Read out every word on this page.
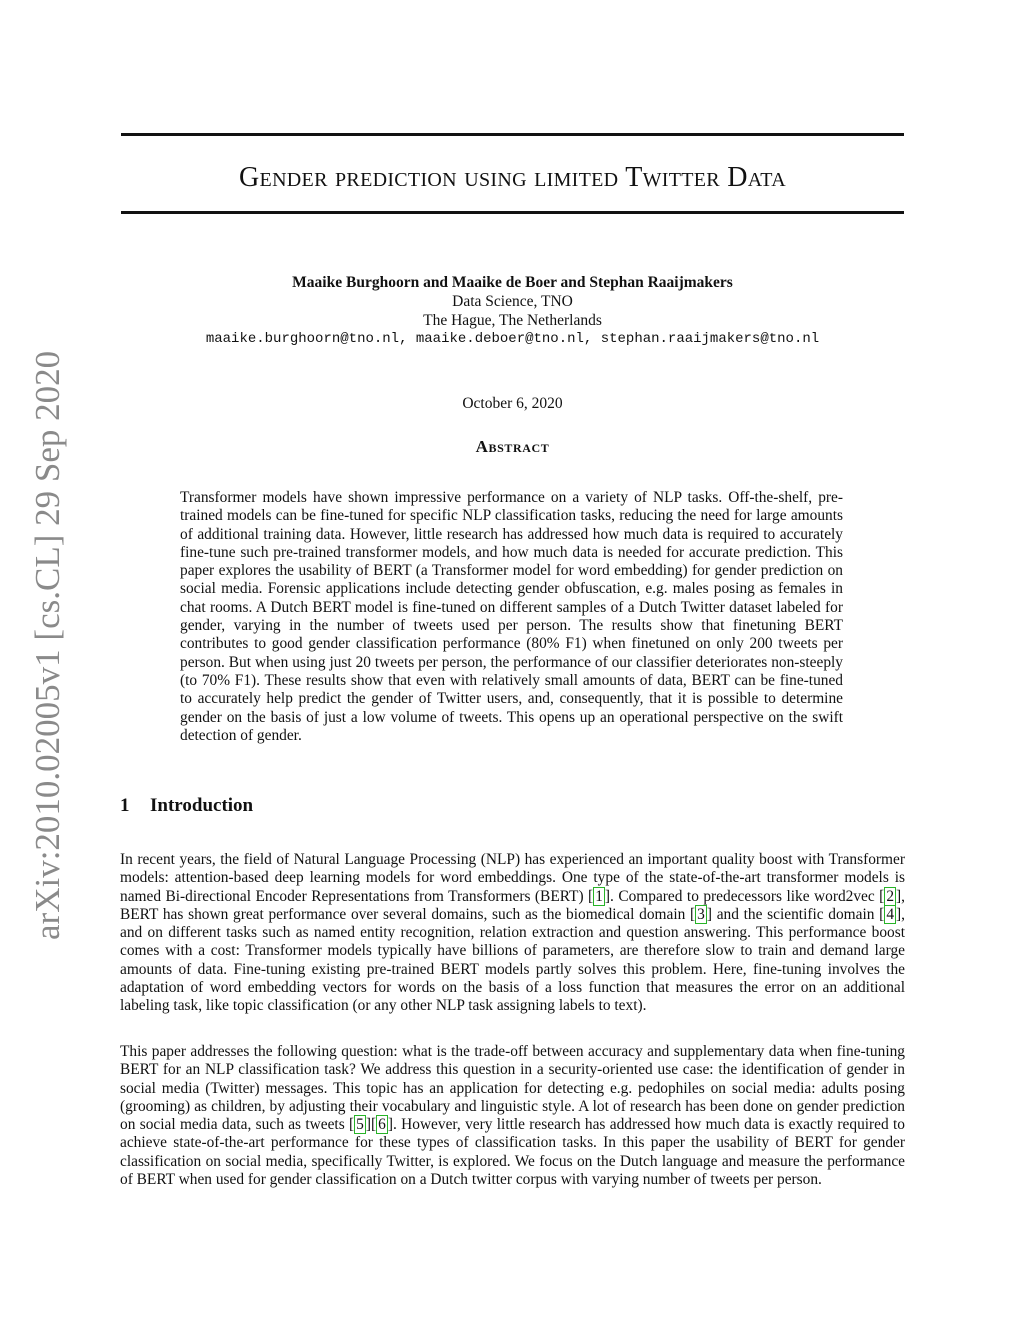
arXiv:2010.02005v1 [cs.CL] 29 Sep 2020
Gender prediction using limited Twitter Data
Maaike Burghoorn and Maaike de Boer and Stephan Raaijmakers
Data Science, TNO
The Hague, The Netherlands
maaike.burghoorn@tno.nl, maaike.deboer@tno.nl, stephan.raaijmakers@tno.nl
October 6, 2020
Abstract
Transformer models have shown impressive performance on a variety of NLP tasks. Off-the-shelf, pre-trained models can be fine-tuned for specific NLP classification tasks, reducing the need for large amounts of additional training data. However, little research has addressed how much data is required to accurately fine-tune such pre-trained transformer models, and how much data is needed for accurate prediction. This paper explores the usability of BERT (a Transformer model for word embedding) for gender prediction on social media. Forensic applications include detecting gender obfuscation, e.g. males posing as females in chat rooms. A Dutch BERT model is fine-tuned on different samples of a Dutch Twitter dataset labeled for gender, varying in the number of tweets used per person. The results show that finetuning BERT contributes to good gender classification performance (80% F1) when finetuned on only 200 tweets per person. But when using just 20 tweets per person, the performance of our classifier deteriorates non-steeply (to 70% F1). These results show that even with relatively small amounts of data, BERT can be fine-tuned to accurately help predict the gender of Twitter users, and, consequently, that it is possible to determine gender on the basis of just a low volume of tweets. This opens up an operational perspective on the swift detection of gender.
1 Introduction

In recent years, the field of Natural Language Processing (NLP) has experienced an important quality boost with Transformer models: attention-based deep learning models for word embeddings. One type of the state-of-the-art transformer models is named Bi-directional Encoder Representations from Transformers (BERT) [ 1 ]. Compared to predecessors like word2vec [ 2 ], BERT has shown great performance over several domains, such as the biomedical domain [ 3 ] and the scientific domain [ 4 ], and on different tasks such as named entity recognition, relation extraction and question answering. This performance boost comes with a cost: Transformer models typically have billions of parameters, are therefore slow to train and demand large amounts of data. Fine-tuning existing pre-trained BERT models partly solves this problem. Here, fine-tuning involves the adaptation of word embedding vectors for words on the basis of a loss function that measures the error on an additional labeling task, like topic classification (or any other NLP task assigning labels to text).

This paper addresses the following question: what is the trade-off between accuracy and supplementary data when fine-tuning BERT for an NLP classification task? We address this question in a security-oriented use case: the identification of gender in social media (Twitter) messages. This topic has an application for detecting e.g. pedophiles on social media: adults posing (grooming) as children, by adjusting their vocabulary and linguistic style. A lot of research has been done on gender prediction on social media data, such as tweets [ 5 ][ 6 ]. However, very little research has addressed how much data is exactly required to achieve state-of-the-art performance for these types of classification tasks. In this paper the usability of BERT for gender classification on social media, specifically Twitter, is explored. We focus on the Dutch language and measure the performance of BERT when used for gender classification on a Dutch twitter corpus with varying number of tweets per person.
